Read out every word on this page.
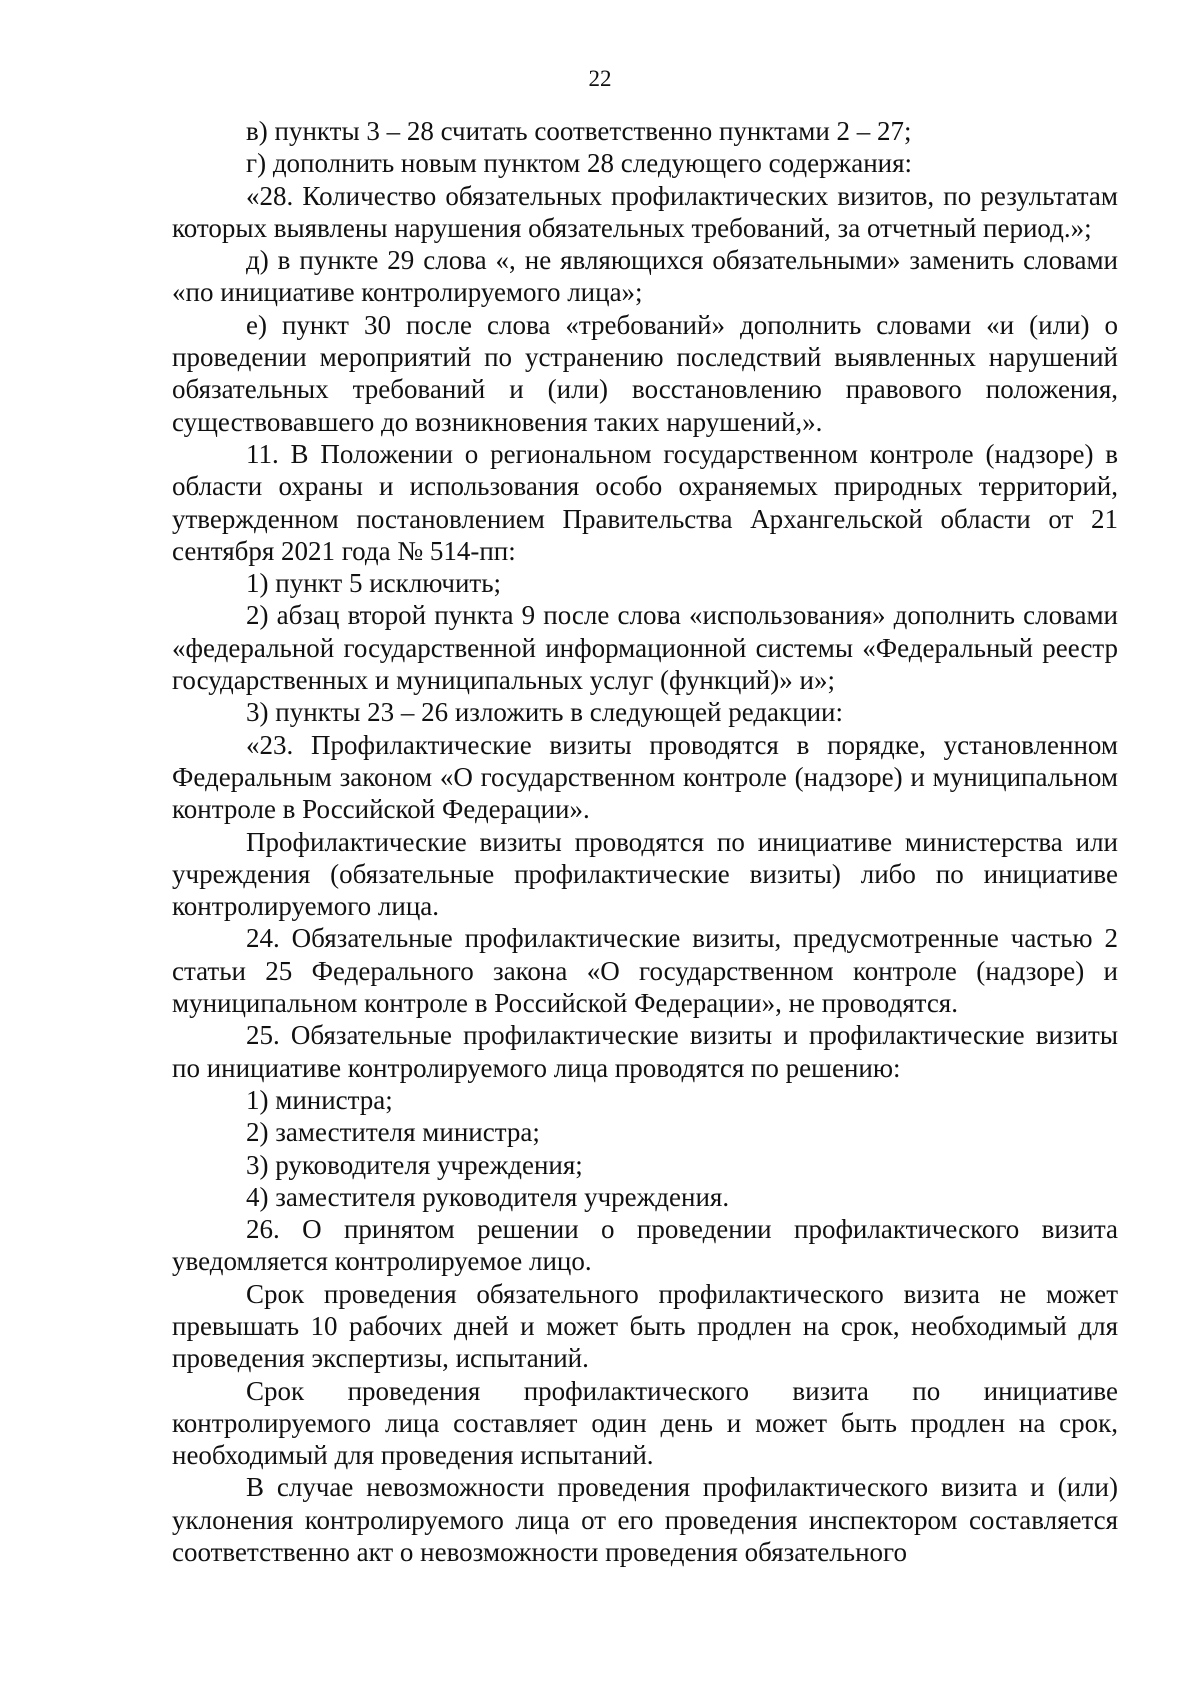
22

в) пункты 3 – 28 считать соответственно пунктами 2 – 27;

г) дополнить новым пунктом 28 следующего содержания:

«28. Количество обязательных профилактических визитов, по результатам которых выявлены нарушения обязательных требований, за отчетный период.»;

д) в пункте 29 слова «, не являющихся обязательными» заменить словами «по инициативе контролируемого лица»;

е) пункт 30 после слова «требований» дополнить словами «и (или) о проведении мероприятий по устранению последствий выявленных нарушений обязательных требований и (или) восстановлению правового положения, существовавшего до возникновения таких нарушений,».

11. В Положении о региональном государственном контроле (надзоре) в области охраны и использования особо охраняемых природных территорий, утвержденном постановлением Правительства Архангельской области от 21 сентября 2021 года № 514-пп:

1) пункт 5 исключить;

2) абзац второй пункта 9 после слова «использования» дополнить словами «федеральной государственной информационной системы «Федеральный реестр государственных и муниципальных услуг (функций)» и»;

3) пункты 23 – 26 изложить в следующей редакции:

«23. Профилактические визиты проводятся в порядке, установленном Федеральным законом «О государственном контроле (надзоре) и муниципальном контроле в Российской Федерации».

Профилактические визиты проводятся по инициативе министерства или учреждения (обязательные профилактические визиты) либо по инициативе контролируемого лица.

24. Обязательные профилактические визиты, предусмотренные частью 2 статьи 25 Федерального закона «О государственном контроле (надзоре) и муниципальном контроле в Российской Федерации», не проводятся.

25. Обязательные профилактические визиты и профилактические визиты по инициативе контролируемого лица проводятся по решению:

1) министра;

2) заместителя министра;

3) руководителя учреждения;

4) заместителя руководителя учреждения.

26. О принятом решении о проведении профилактического визита уведомляется контролируемое лицо.

Срок проведения обязательного профилактического визита не может превышать 10 рабочих дней и может быть продлен на срок, необходимый для проведения экспертизы, испытаний.

Срок проведения профилактического визита по инициативе контролируемого лица составляет один день и может быть продлен на срок, необходимый для проведения испытаний.

В случае невозможности проведения профилактического визита и (или) уклонения контролируемого лица от его проведения инспектором составляется соответственно акт о невозможности проведения обязательного
